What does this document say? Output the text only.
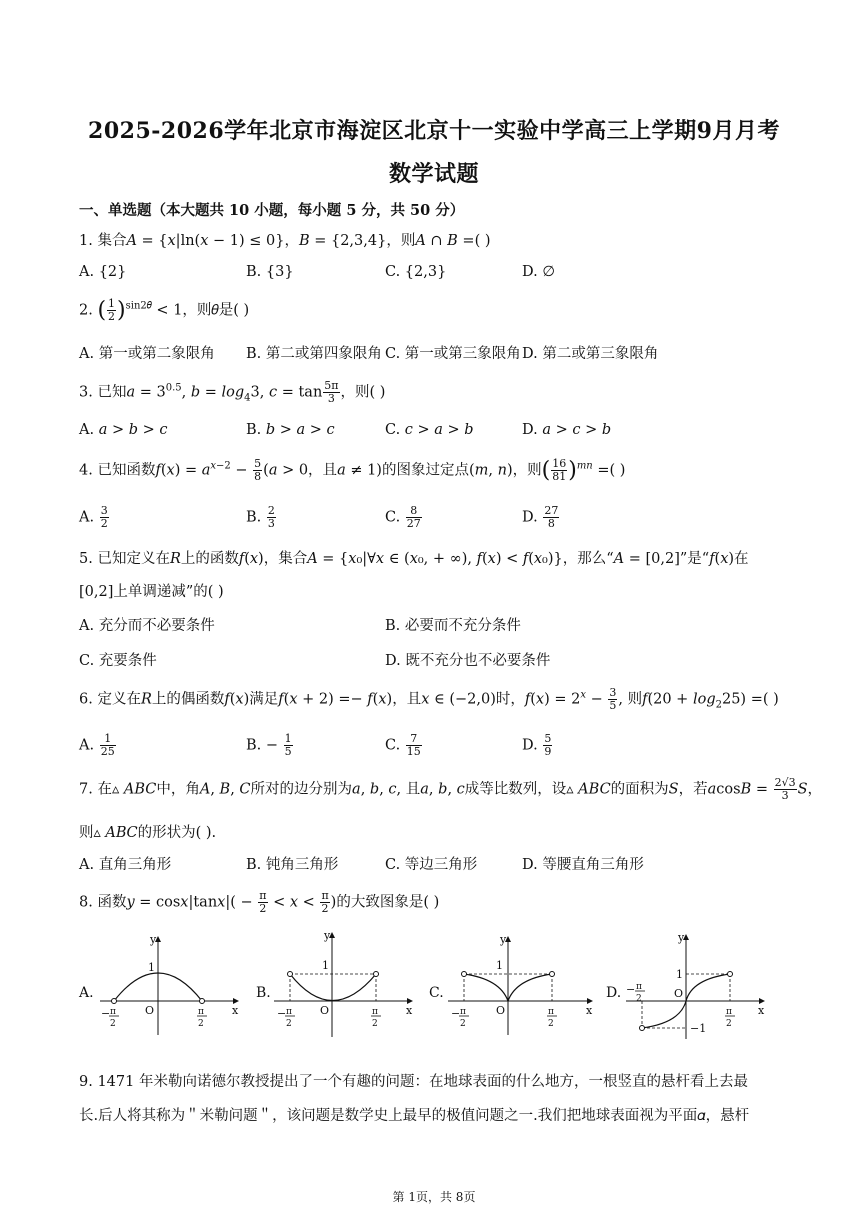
2025-2026学年北京市海淀区北京十一实验中学高三上学期9月月考
数学试题
一、单选题（本大题共 10 小题，每小题 5 分，共 50 分）
1. 集合𝐴 = {𝑥|ln(𝑥 − 1) ≤ 0}，𝐵 = {2,3,4}，则𝐴 ∩ 𝐵 =( )
A. {2}	B. {3}	C. {2,3}	D. ∅
2. ( $\frac{1}{2} )^{sin2𝜃} < 1$，则𝜃是( )
A. 第一或第二象限角 B. 第二或第四象限角 C. 第一或第三象限角 D. 第二或第三象限角
3. 已知$a = 3^{0.5}$, $b = \log_43$, $c = \tan \frac{5\pi}{3}$ ，则( )
A. 𝑎 > 𝑏 > 𝑐	B. 𝑏 > 𝑎 > 𝑐	C. 𝑐 > 𝑎 > 𝑏	D. 𝑎 > 𝑐 > 𝑏
4. 已知函数$f(x) = a^{x-2} - \frac{5}{8} (a > 0$，且a ≠ 1)的图象过定点(m, n)，则( $\frac{16}{81} )^{mn}$ =( )
A. $\frac{3}{2}$	B. $\frac{2}{3}$	C. $\frac{8}{27}$	D. $\frac{27}{8}$
5. 已知定义在𝑅上的函数𝑓(𝑥)，集合𝐴 = {𝑥₀|∀𝑥 ∈ (𝑥₀, + ∞), 𝑓(𝑥) < 𝑓(𝑥₀)}，那么“𝐴 = [0,2]”是“𝑓(𝑥)在
[0,2]上单调递减”的( )
A. 充分而不必要条件	B. 必要而不充分条件
C. 充要条件	D. 既不充分也不必要条件
6. 定义在R上的偶函数f(x)满足f(x + 2) =− f(x)，且x ∈ (−2,0)时，$f(x) = 2^x - \frac{3}{5}$ , 则$f(20 + \log_225)$ =( )
A. $\frac{1}{25}$	B. − $\frac{1}{5}$	C. $\frac{7}{15}$	D. $\frac{5}{9}$
7. 在▵ ABC中，角A, B, C所对的边分别为a, b, c, 且a, b, c成等比数列，设▵ ABC的面积为S，若$acosB = \frac{2√3}{3}$ S，
则▵ 𝐴𝐵𝐶的形状为( ).
A. 直角三角形	B. 钝角三角形	C. 等边三角形	D. 等腰直角三角形
8. 函数𝑦 = cos𝑥|tan𝑥|( − $\frac{\pi}{2} < x < \frac{\pi}{2}$ )的大致图象是( )
y
1
O	x
− π
2
π
2
A.
y
1
O	x
− π
2
π
2
B.
y
1
O	x
− π
2
π
2
C.
y
1
O
x
−1
− π
2
π
2
D.
9. 1471 年米勒向诺德尔教授提出了一个有趣的问题：在地球表面的什么地方，一根竖直的悬杆看上去最
长.后人将其称为＂米勒问题＂，该问题是数学史上最早的极值问题之一.我们把地球表面视为平面𝛼，悬杆
第 1页，共 8页
